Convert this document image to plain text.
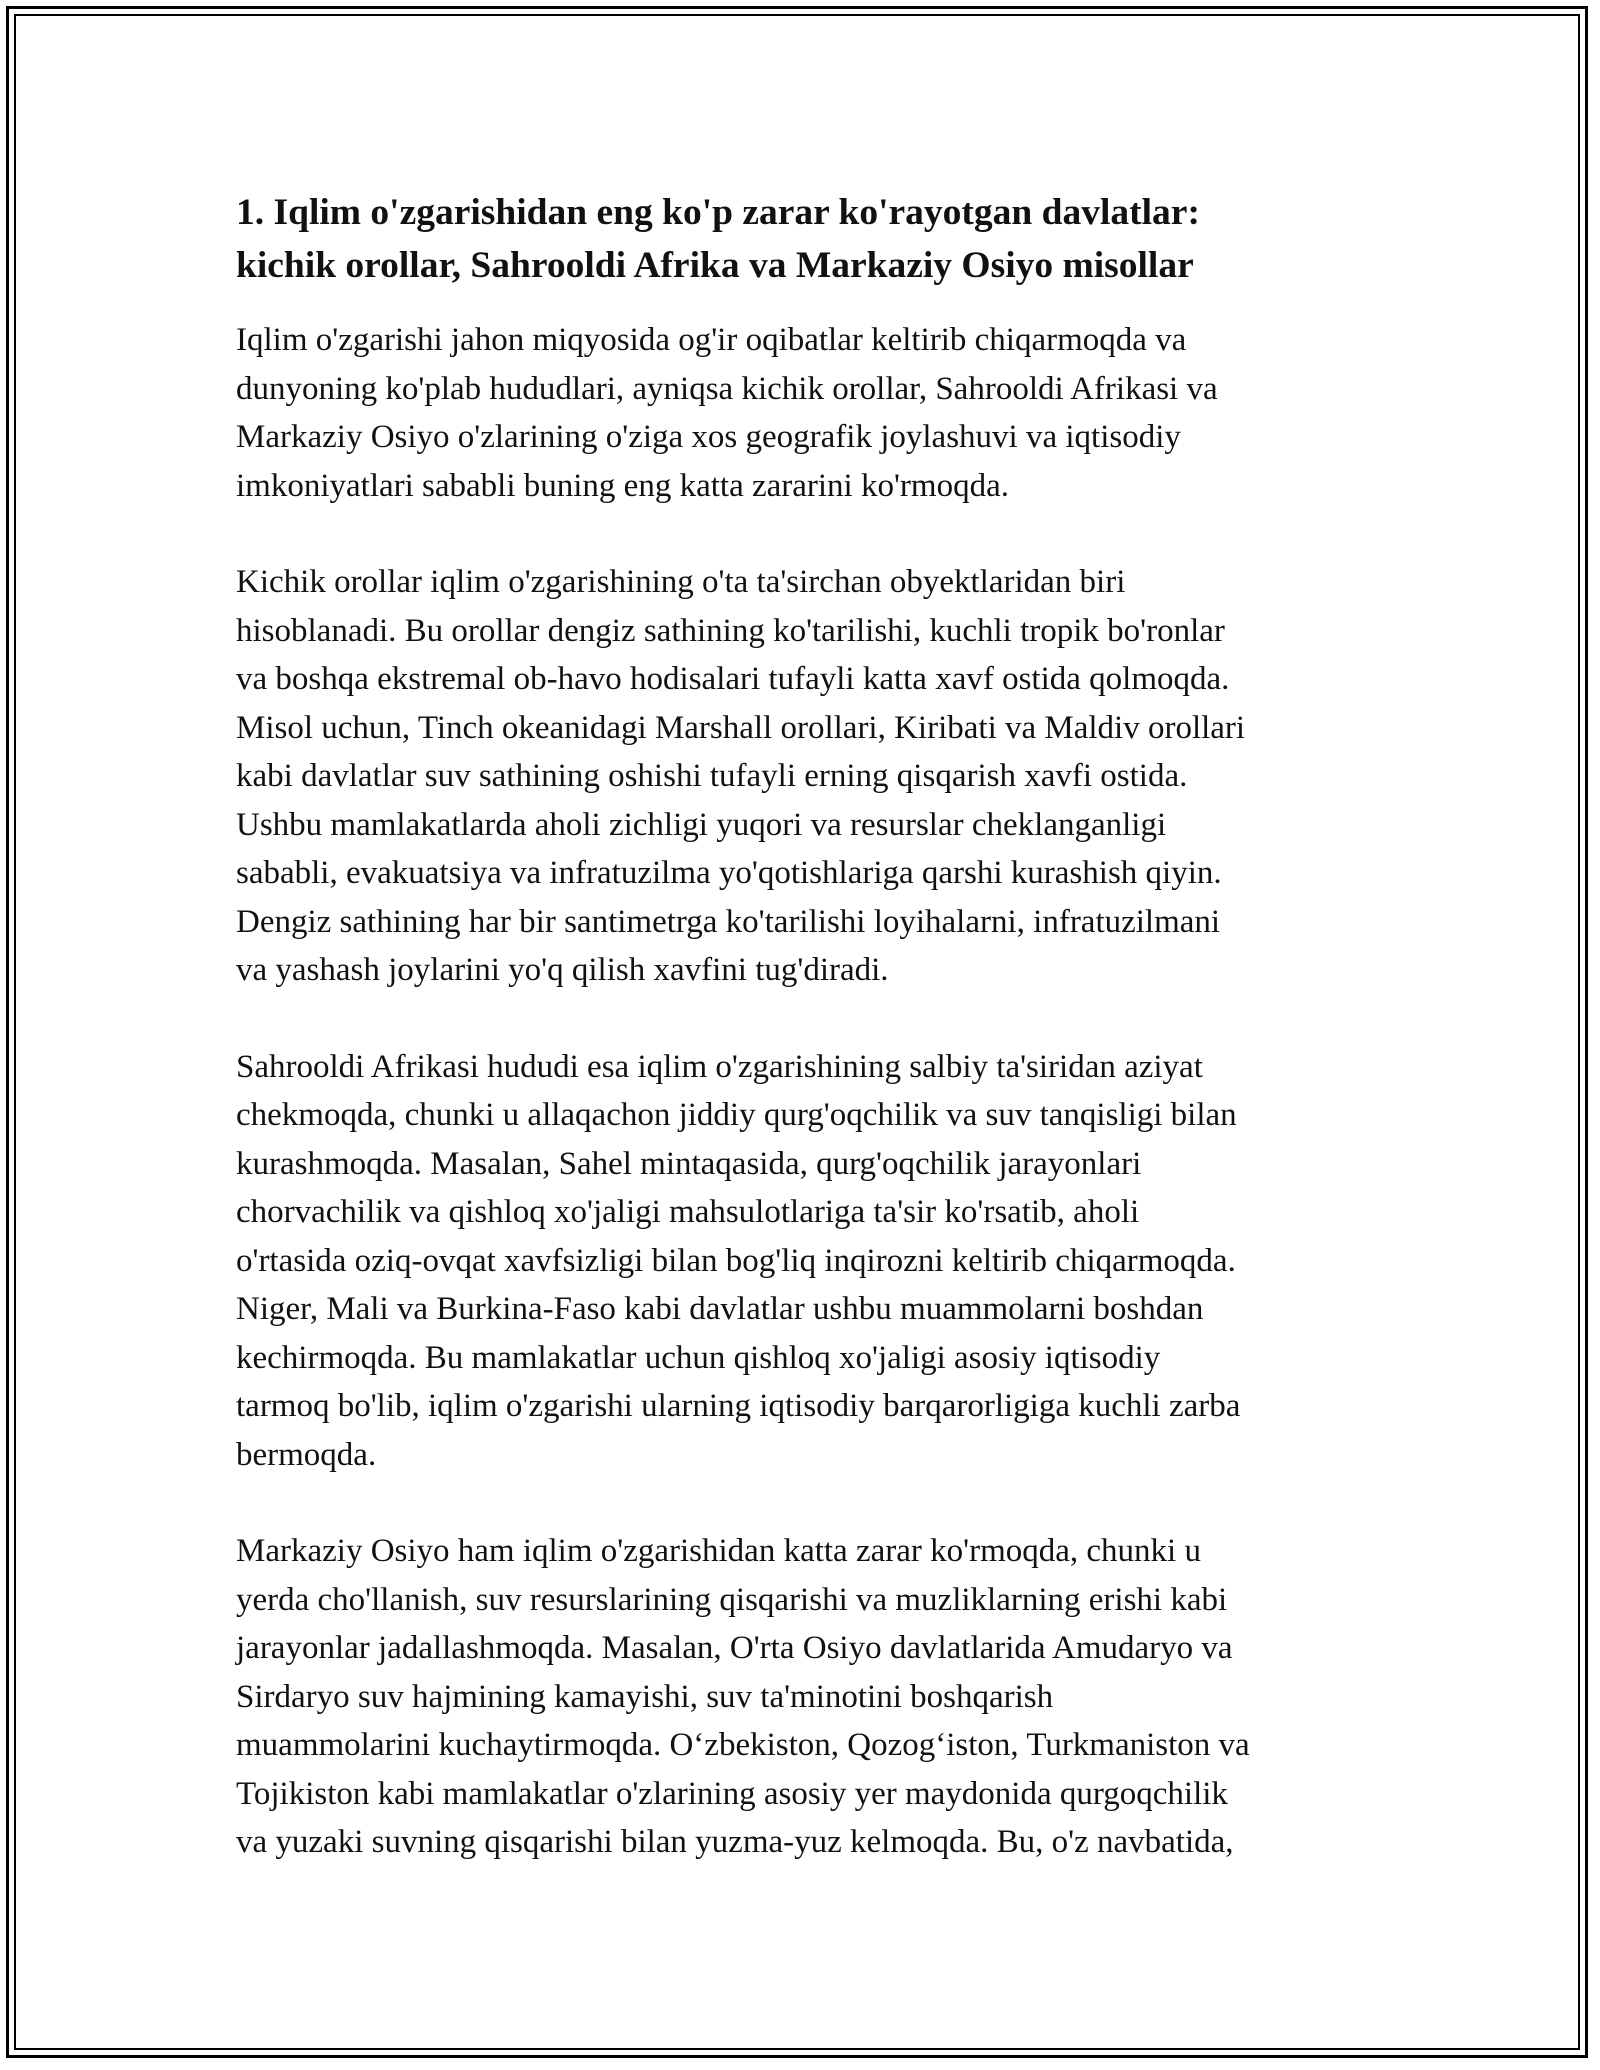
1. Iqlim o'zgarishidan eng ko'p zarar ko'rayotgan davlatlar:
kichik orollar, Sahrooldi Afrika va Markaziy Osiyo misollar

Iqlim o'zgarishi jahon miqyosida og'ir oqibatlar keltirib chiqarmoqda va
dunyoning ko'plab hududlari, ayniqsa kichik orollar, Sahrooldi Afrikasi va
Markaziy Osiyo o'zlarining o'ziga xos geografik joylashuvi va iqtisodiy
imkoniyatlari sababli buning eng katta zararini ko'rmoqda.

Kichik orollar iqlim o'zgarishining o'ta ta'sirchan obyektlaridan biri
hisoblanadi. Bu orollar dengiz sathining ko'tarilishi, kuchli tropik bo'ronlar
va boshqa ekstremal ob-havo hodisalari tufayli katta xavf ostida qolmoqda.
Misol uchun, Tinch okeanidagi Marshall orollari, Kiribati va Maldiv orollari
kabi davlatlar suv sathining oshishi tufayli erning qisqarish xavfi ostida.
Ushbu mamlakatlarda aholi zichligi yuqori va resurslar cheklanganligi
sababli, evakuatsiya va infratuzilma yo'qotishlariga qarshi kurashish qiyin.
Dengiz sathining har bir santimetrga ko'tarilishi loyihalarni, infratuzilmani
va yashash joylarini yo'q qilish xavfini tug'diradi.

Sahrooldi Afrikasi hududi esa iqlim o'zgarishining salbiy ta'siridan aziyat
chekmoqda, chunki u allaqachon jiddiy qurg'oqchilik va suv tanqisligi bilan
kurashmoqda. Masalan, Sahel mintaqasida, qurg'oqchilik jarayonlari
chorvachilik va qishloq xo'jaligi mahsulotlariga ta'sir ko'rsatib, aholi
o'rtasida oziq-ovqat xavfsizligi bilan bog'liq inqirozni keltirib chiqarmoqda.
Niger, Mali va Burkina-Faso kabi davlatlar ushbu muammolarni boshdan
kechirmoqda. Bu mamlakatlar uchun qishloq xo'jaligi asosiy iqtisodiy
tarmoq bo'lib, iqlim o'zgarishi ularning iqtisodiy barqarorligiga kuchli zarba
bermoqda.

Markaziy Osiyo ham iqlim o'zgarishidan katta zarar ko'rmoqda, chunki u
yerda cho'llanish, suv resurslarining qisqarishi va muzliklarning erishi kabi
jarayonlar jadallashmoqda. Masalan, O'rta Osiyo davlatlarida Amudaryo va
Sirdaryo suv hajmining kamayishi, suv ta'minotini boshqarish
muammolarini kuchaytirmoqda. O‘zbekiston, Qozog‘iston, Turkmaniston va
Tojikiston kabi mamlakatlar o'zlarining asosiy yer maydonida qurgoqchilik
va yuzaki suvning qisqarishi bilan yuzma-yuz kelmoqda. Bu, o'z navbatida,
